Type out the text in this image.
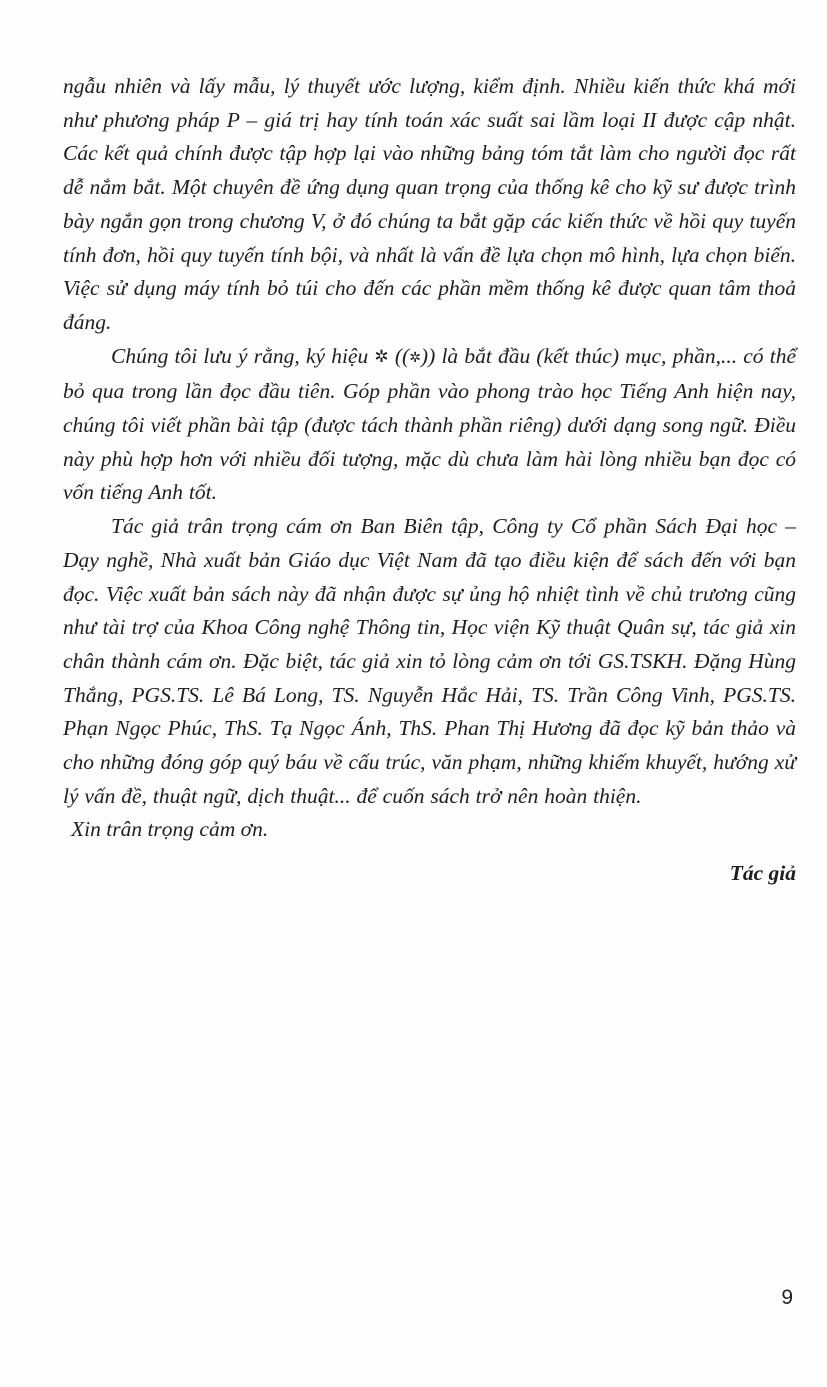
ngẫu nhiên và lấy mẫu, lý thuyết ước lượng, kiểm định. Nhiều kiến thức khá mới như phương pháp P – giá trị hay tính toán xác suất sai lầm loại II được cập nhật. Các kết quả chính được tập hợp lại vào những bảng tóm tắt làm cho người đọc rất dễ nắm bắt. Một chuyên đề ứng dụng quan trọng của thống kê cho kỹ sư được trình bày ngắn gọn trong chương V, ở đó chúng ta bắt gặp các kiến thức về hồi quy tuyến tính đơn, hồi quy tuyến tính bội, và nhất là vấn đề lựa chọn mô hình, lựa chọn biến. Việc sử dụng máy tính bỏ túi cho đến các phần mềm thống kê được quan tâm thoả đáng.

Chúng tôi lưu ý rằng, ký hiệu ✲ ((✲)) là bắt đầu (kết thúc) mục, phần,... có thể bỏ qua trong lần đọc đầu tiên. Góp phần vào phong trào học Tiếng Anh hiện nay, chúng tôi viết phần bài tập (được tách thành phần riêng) dưới dạng song ngữ. Điều này phù hợp hơn với nhiều đối tượng, mặc dù chưa làm hài lòng nhiều bạn đọc có vốn tiếng Anh tốt.

Tác giả trân trọng cám ơn Ban Biên tập, Công ty Cổ phần Sách Đại học – Dạy nghề, Nhà xuất bản Giáo dục Việt Nam đã tạo điều kiện để sách đến với bạn đọc. Việc xuất bản sách này đã nhận được sự ủng hộ nhiệt tình về chủ trương cũng như tài trợ của Khoa Công nghệ Thông tin, Học viện Kỹ thuật Quân sự, tác giả xin chân thành cám ơn. Đặc biệt, tác giả xin tỏ lòng cảm ơn tới GS.TSKH. Đặng Hùng Thắng, PGS.TS. Lê Bá Long, TS. Nguyễn Hắc Hải, TS. Trần Công Vinh, PGS.TS. Phạn Ngọc Phúc, ThS. Tạ Ngọc Ánh, ThS. Phan Thị Hương đã đọc kỹ bản thảo và cho những đóng góp quý báu về cấu trúc, văn phạm, những khiếm khuyết, hướng xử lý vấn đề, thuật ngữ, dịch thuật... để cuốn sách trở nên hoàn thiện.

Xin trân trọng cảm ơn.

Tác giả

9
